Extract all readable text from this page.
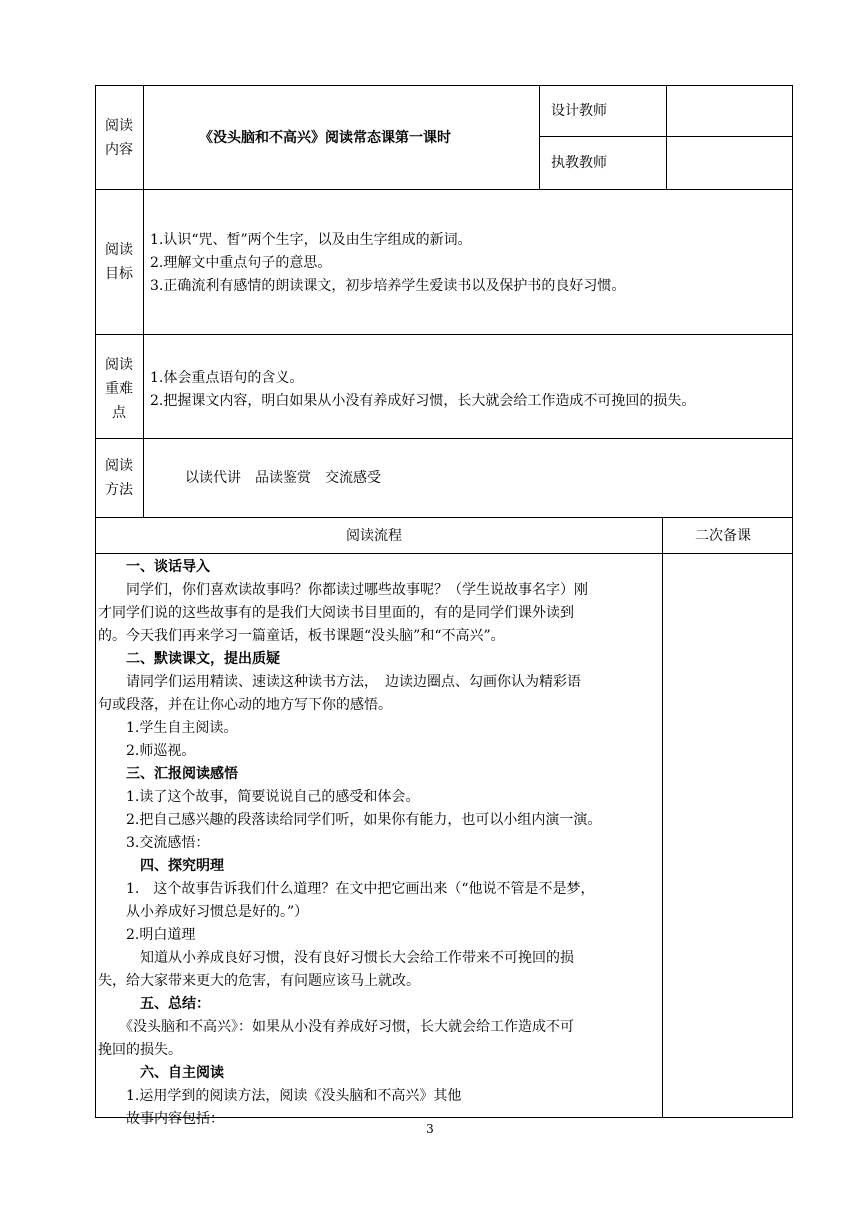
阅读
内容
《没头脑和不高兴》阅读常态课第一课时
设计教师
执教教师
阅读
目标
1.认识“咒、皙”两个生字，以及由生字组成的新词。
2.理解文中重点句子的意思。
3.正确流利有感情的朗读课文，初步培养学生爱读书以及保护书的良好习惯。
阅读
重难
点
1.体会重点语句的含义。
2.把握课文内容，明白如果从小没有养成好习惯，长大就会给工作造成不可挽回的损失。
阅读
方法
以读代讲　品读鉴赏　交流感受
阅读流程	二次备课
　　一、谈话导入
　　同学们，你们喜欢读故事吗？你都读过哪些故事呢？（学生说故事名字）刚
才同学们说的这些故事有的是我们大阅读书目里面的，有的是同学们课外读到
的。今天我们再来学习一篇童话，板书课题“没头脑”和“不高兴”。
　　二、默读课文，提出质疑
　　请同学们运用精读、速读这种读书方法，　边读边圈点、勾画你认为精彩语
句或段落，并在让你心动的地方写下你的感悟。
　　1.学生自主阅读。
　　2.师巡视。
　　三、汇报阅读感悟
　　1.读了这个故事，简要说说自己的感受和体会。
　　2.把自己感兴趣的段落读给同学们听，如果你有能力，也可以小组内演一演。
　　3.交流感悟：
　　　四、探究明理
　　1.　这个故事告诉我们什么道理？在文中把它画出来（“他说不管是不是梦，
　　从小养成好习惯总是好的。”）
　　2.明白道理
　　　知道从小养成良好习惯，没有良好习惯长大会给工作带来不可挽回的损
失，给大家带来更大的危害，有问题应该马上就改。
　　　五、总结：
　　《没头脑和不高兴》：如果从小没有养成好习惯，长大就会给工作造成不可
挽回的损失。
　　　六、自主阅读
　　1.运用学到的阅读方法，阅读《没头脑和不高兴》其他
　　故事内容包括：
3
